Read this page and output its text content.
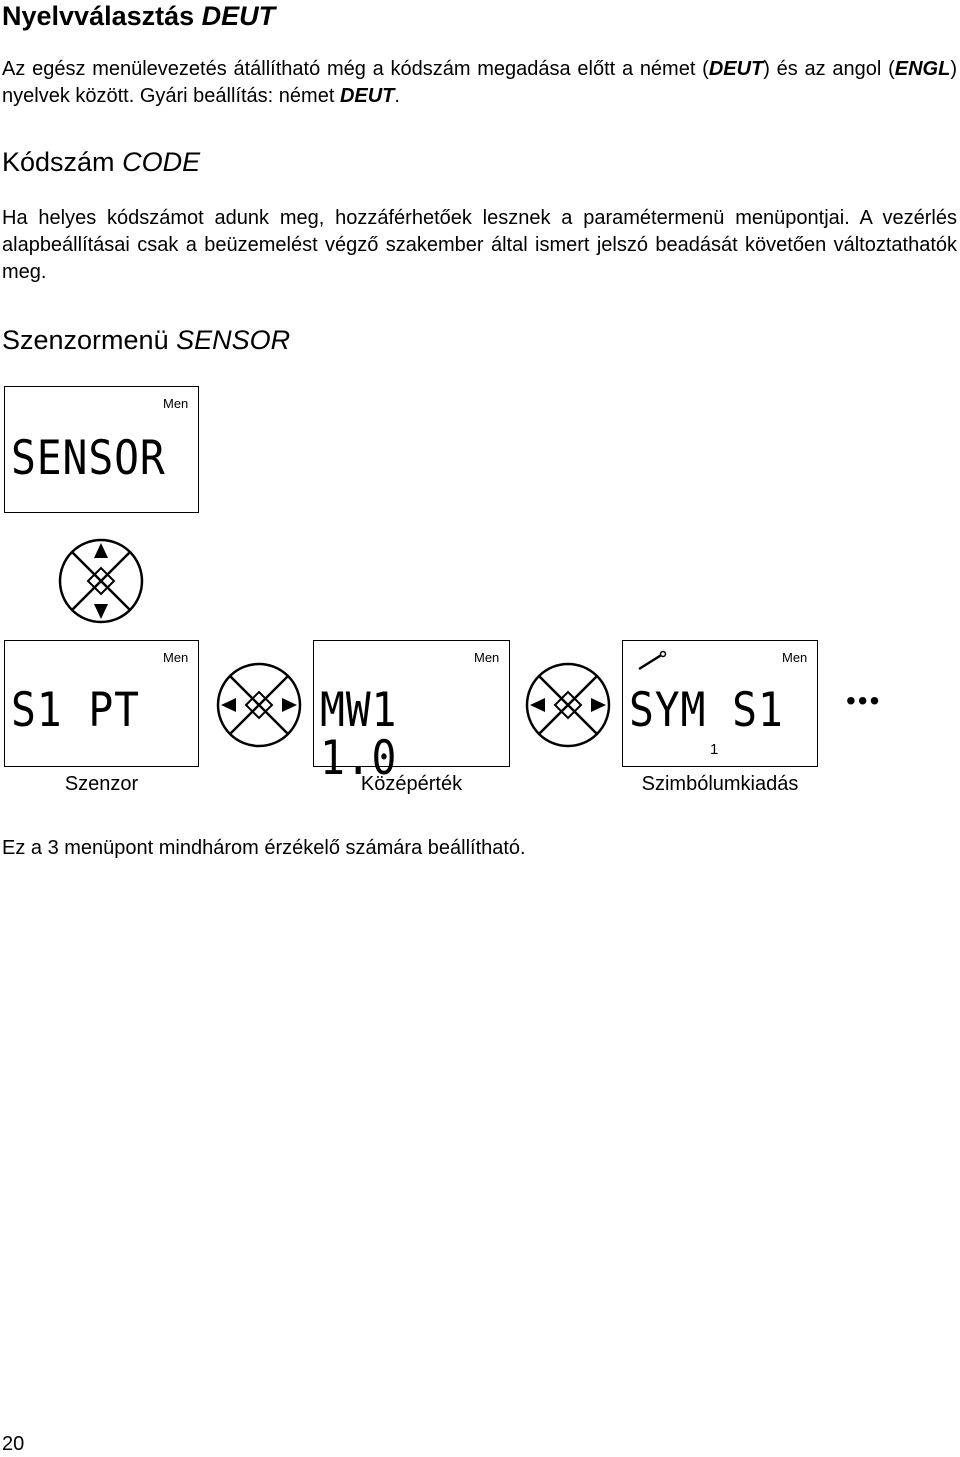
Nyelvválasztás DEUT
Az egész menülevezetés átállítható még a kódszám megadása előtt a német (DEUT) és az angol (ENGL) nyelvek között. Gyári beállítás: német DEUT.
Kódszám CODE
Ha helyes kódszámot adunk meg, hozzáférhetőek lesznek a paramétermenü menüpontjai. A vezérlés alapbeállításai csak a beüzemelést végző szakember által ismert jelszó beadását követően változtathatók meg.
Szenzormenü SENSOR
Men
SENSOR
Men
S1 PT
Szenzor
Men
MW1 1.0
Középérték
Men
SYM S1
1
Szimbólumkiadás
•••
Ez a 3 menüpont mindhárom érzékelő számára beállítható.
20
